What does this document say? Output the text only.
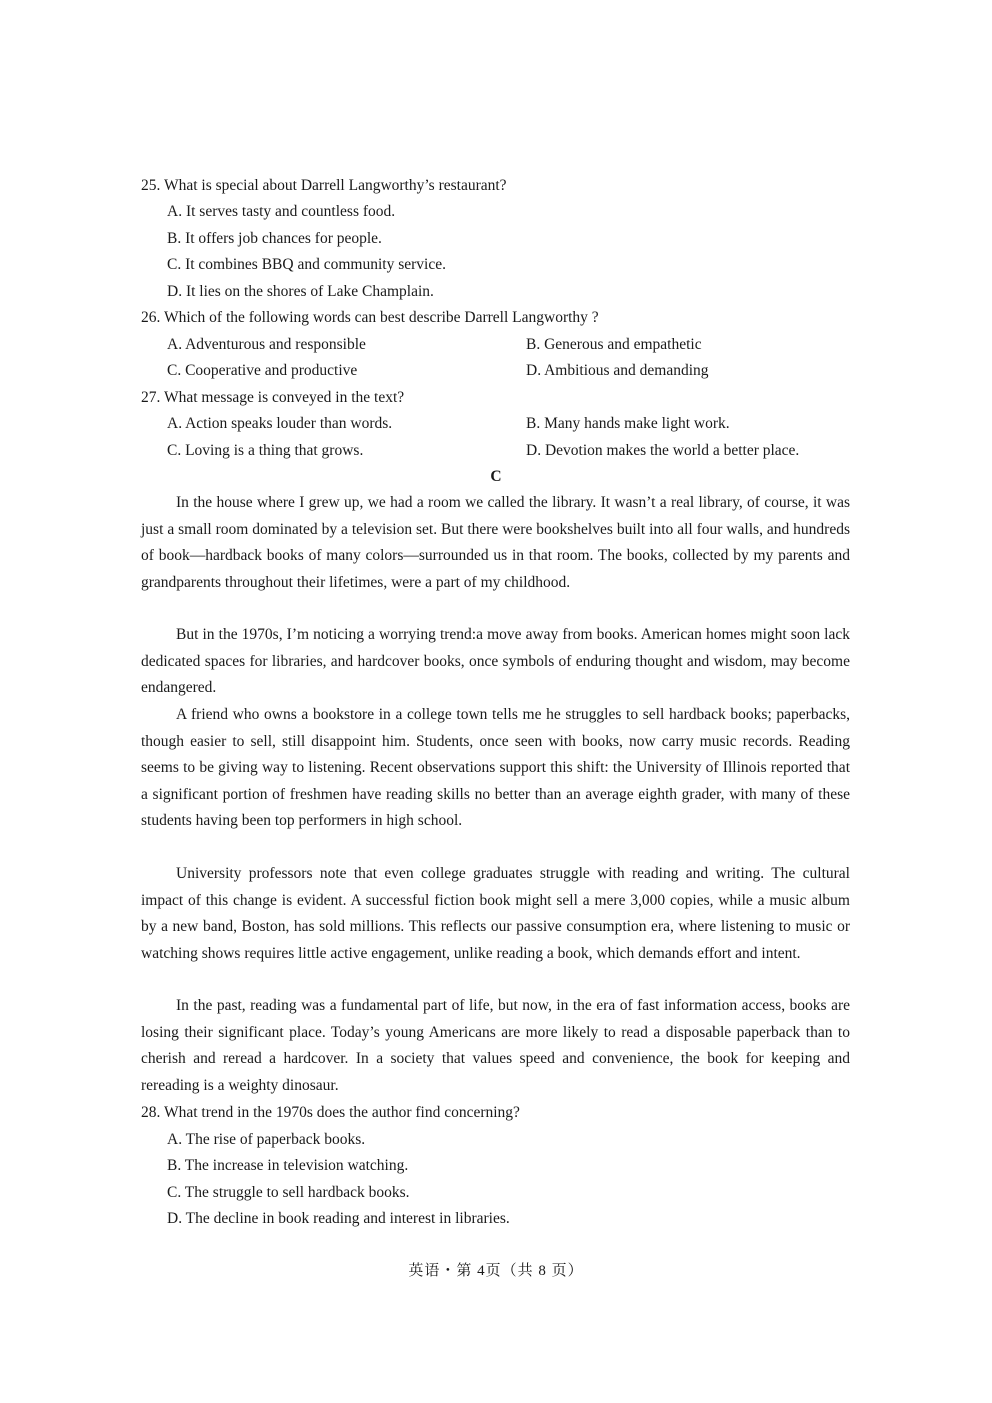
25. What is special about Darrell Langworthy’s restaurant?
A. It serves tasty and countless food.
B. It offers job chances for people.
C. It combines BBQ and community service.
D. It lies on the shores of Lake Champlain.
26. Which of the following words can best describe Darrell Langworthy ?
A. Adventurous and responsible	B. Generous and empathetic
C. Cooperative and productive	D. Ambitious and demanding
27. What message is conveyed in the text?
A. Action speaks louder than words.	B. Many hands make light work.
C. Loving is a thing that grows.	D. Devotion makes the world a better place.
C
In the house where I grew up, we had a room we called the library. It wasn’t a real library, of course, it was just a small room dominated by a television set. But there were bookshelves built into all four walls, and hundreds of book—hardback books of many colors—surrounded us in that room. The books, collected by my parents and grandparents throughout their lifetimes, were a part of my childhood.
But in the 1970s, I’m noticing a worrying trend:a move away from books. American homes might soon lack dedicated spaces for libraries, and hardcover books, once symbols of enduring thought and wisdom, may become endangered.
A friend who owns a bookstore in a college town tells me he struggles to sell hardback books; paperbacks, though easier to sell, still disappoint him. Students, once seen with books, now carry music records. Reading seems to be giving way to listening. Recent observations support this shift: the University of Illinois reported that a significant portion of freshmen have reading skills no better than an average eighth grader, with many of these students having been top performers in high school.
University professors note that even college graduates struggle with reading and writing. The cultural impact of this change is evident. A successful fiction book might sell a mere 3,000 copies, while a music album by a new band, Boston, has sold millions. This reflects our passive consumption era, where listening to music or watching shows requires little active engagement, unlike reading a book, which demands effort and intent.
In the past, reading was a fundamental part of life, but now, in the era of fast information access, books are losing their significant place. Today’s young Americans are more likely to read a disposable paperback than to cherish and reread a hardcover. In a society that values speed and convenience, the book for keeping and rereading is a weighty dinosaur.
28. What trend in the 1970s does the author find concerning?
A. The rise of paperback books.
B. The increase in television watching.
C. The struggle to sell hardback books.
D. The decline in book reading and interest in libraries.
英语・第 4页（共 8 页）
